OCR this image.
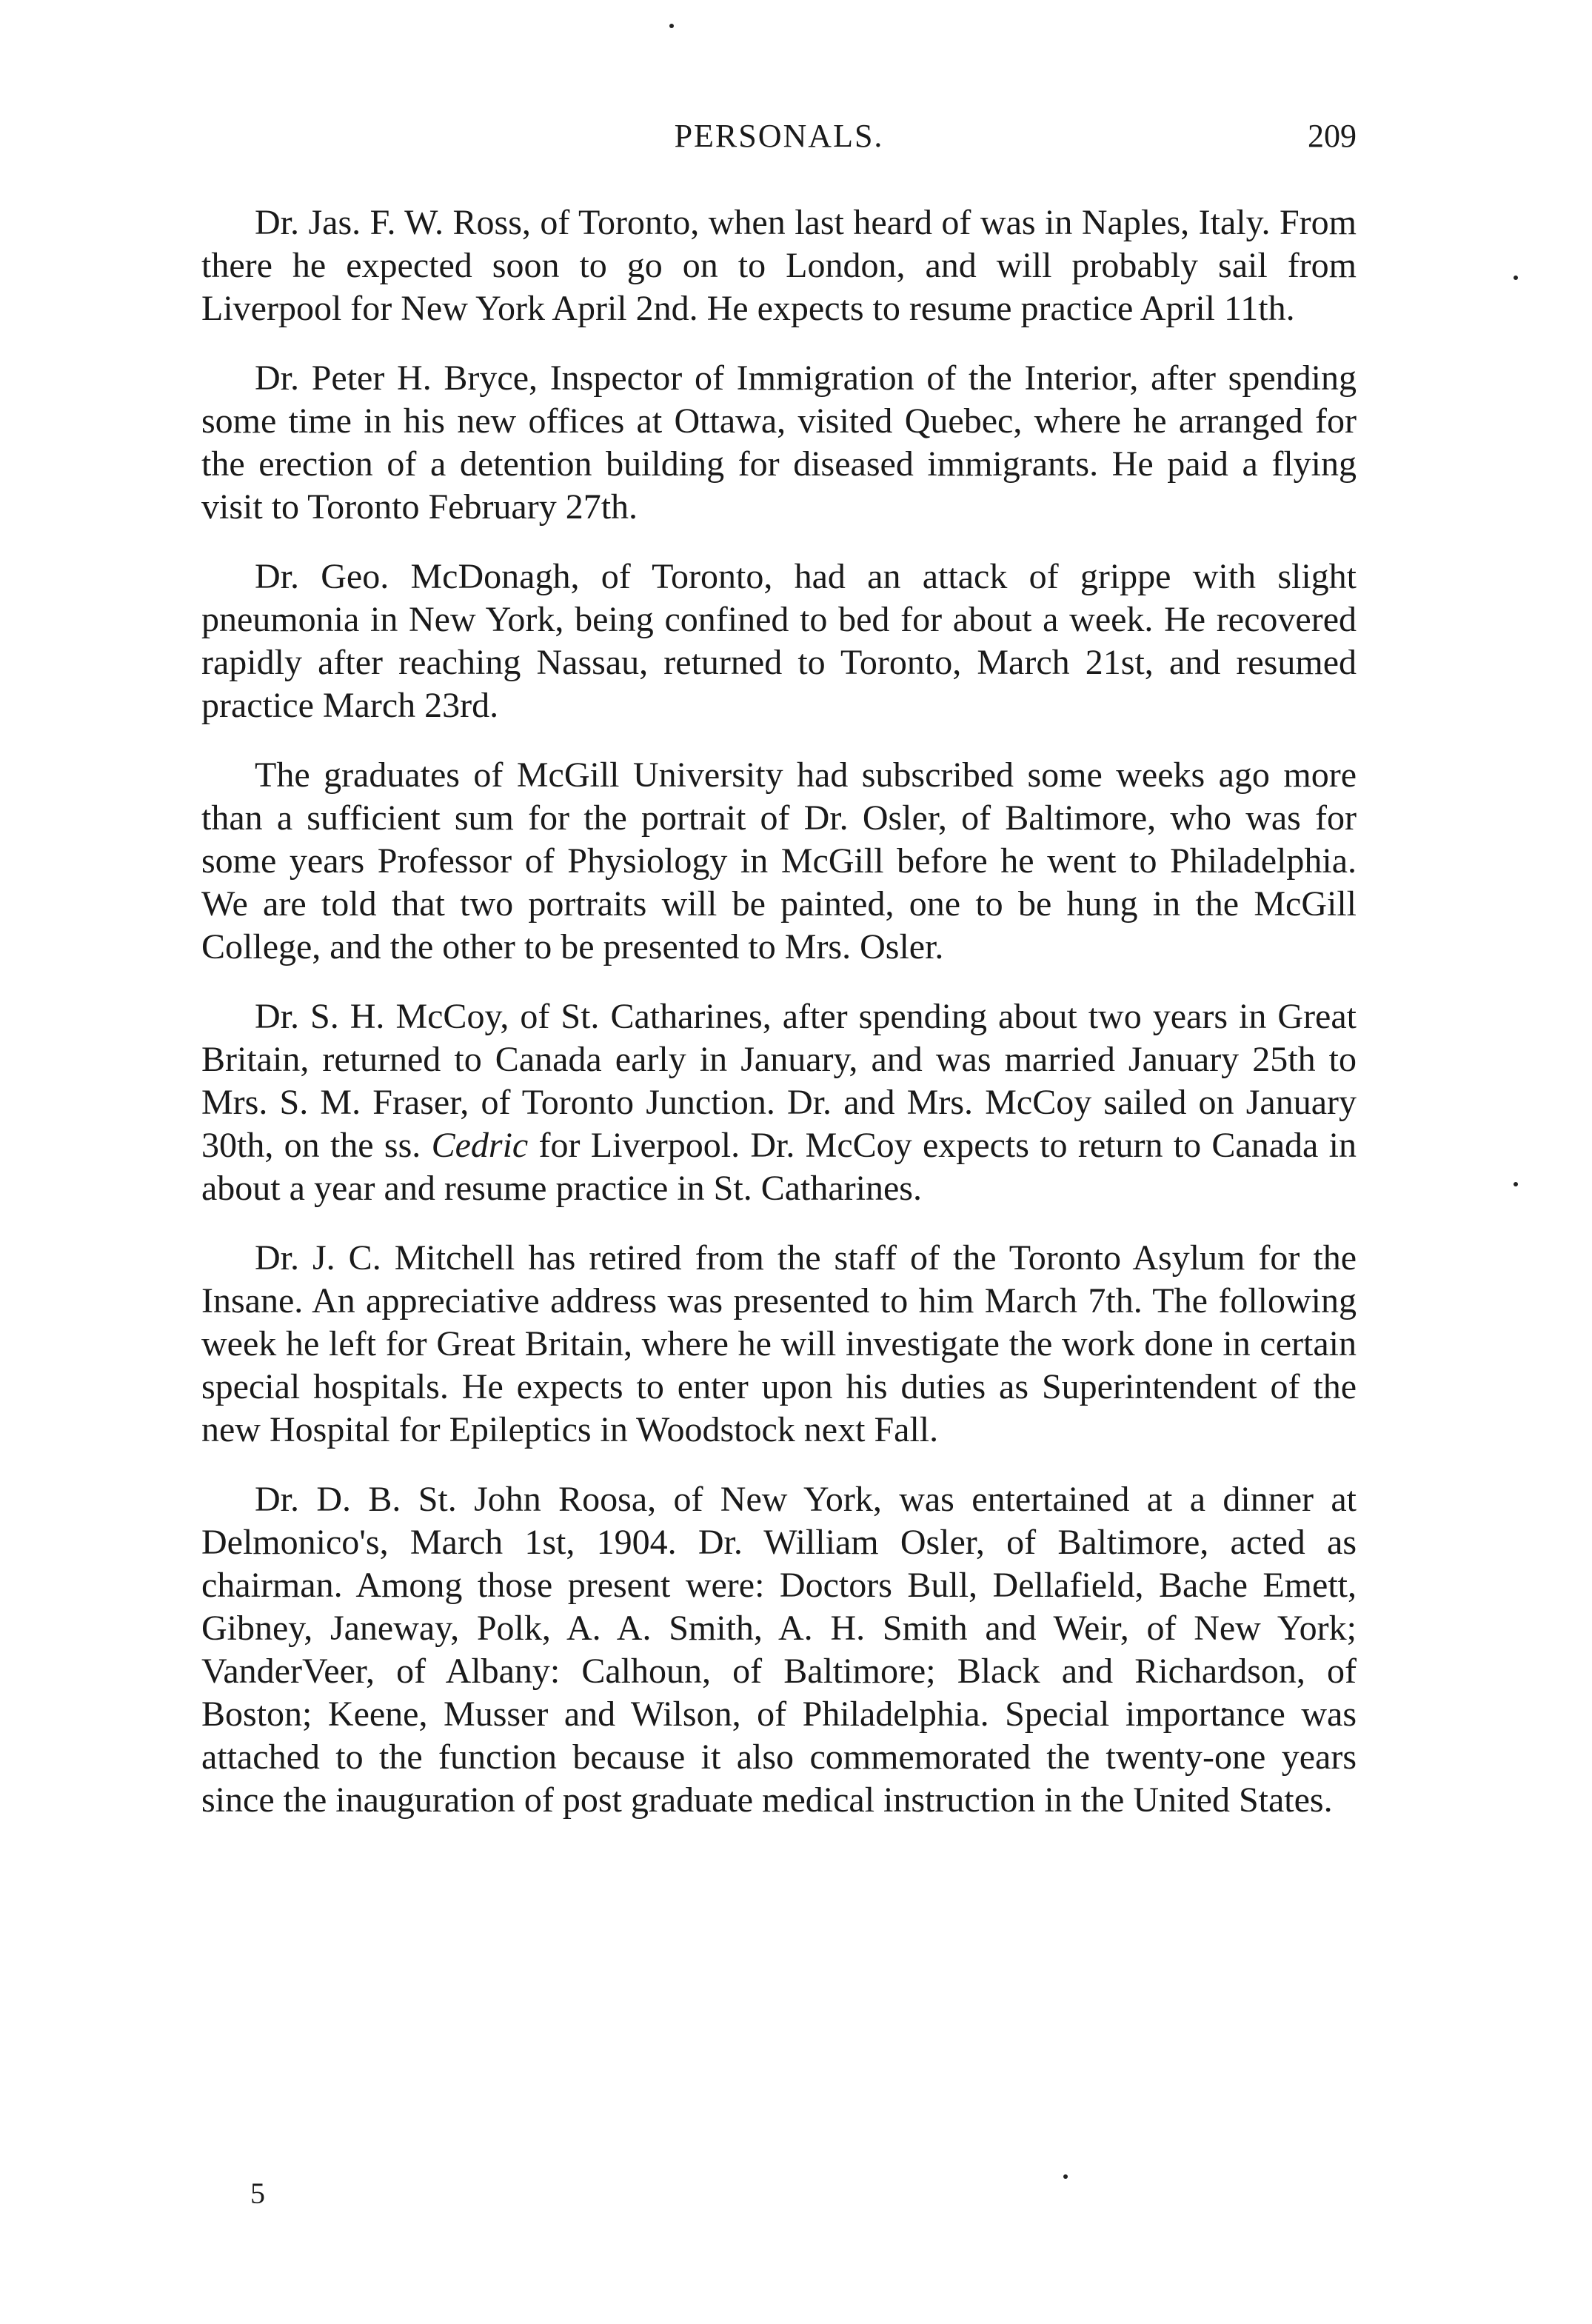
PERSONALS.	209

Dr. Jas. F. W. Ross, of Toronto, when last heard of was in Naples, Italy. From there he expected soon to go on to London, and will probably sail from Liverpool for New York April 2nd. He expects to resume practice April 11th.

Dr. Peter H. Bryce, Inspector of Immigration of the Interior, after spending some time in his new offices at Ottawa, visited Quebec, where he arranged for the erection of a detention building for diseased immigrants. He paid a flying visit to Toronto February 27th.

Dr. Geo. McDonagh, of Toronto, had an attack of grippe with slight pneumonia in New York, being confined to bed for about a week. He recovered rapidly after reaching Nassau, returned to Toronto, March 21st, and resumed practice March 23rd.

The graduates of McGill University had subscribed some weeks ago more than a sufficient sum for the portrait of Dr. Osler, of Baltimore, who was for some years Professor of Physiology in McGill before he went to Philadelphia. We are told that two portraits will be painted, one to be hung in the McGill College, and the other to be presented to Mrs. Osler.

Dr. S. H. McCoy, of St. Catharines, after spending about two years in Great Britain, returned to Canada early in January, and was married January 25th to Mrs. S. M. Fraser, of Toronto Junction. Dr. and Mrs. McCoy sailed on January 30th, on the ss. Cedric for Liverpool. Dr. McCoy expects to return to Canada in about a year and resume practice in St. Catharines.

Dr. J. C. Mitchell has retired from the staff of the Toronto Asylum for the Insane. An appreciative address was presented to him March 7th. The following week he left for Great Britain, where he will investigate the work done in certain special hospitals. He expects to enter upon his duties as Superintendent of the new Hospital for Epileptics in Woodstock next Fall.

Dr. D. B. St. John Roosa, of New York, was entertained at a dinner at Delmonico's, March 1st, 1904. Dr. William Osler, of Baltimore, acted as chairman. Among those present were: Doctors Bull, Dellafield, Bache Emett, Gibney, Janeway, Polk, A. A. Smith, A. H. Smith and Weir, of New York; VanderVeer, of Albany: Calhoun, of Baltimore; Black and Richardson, of Boston; Keene, Musser and Wilson, of Philadelphia. Special importance was attached to the function because it also commemorated the twenty-one years since the inauguration of post graduate medical instruction in the United States.

5
